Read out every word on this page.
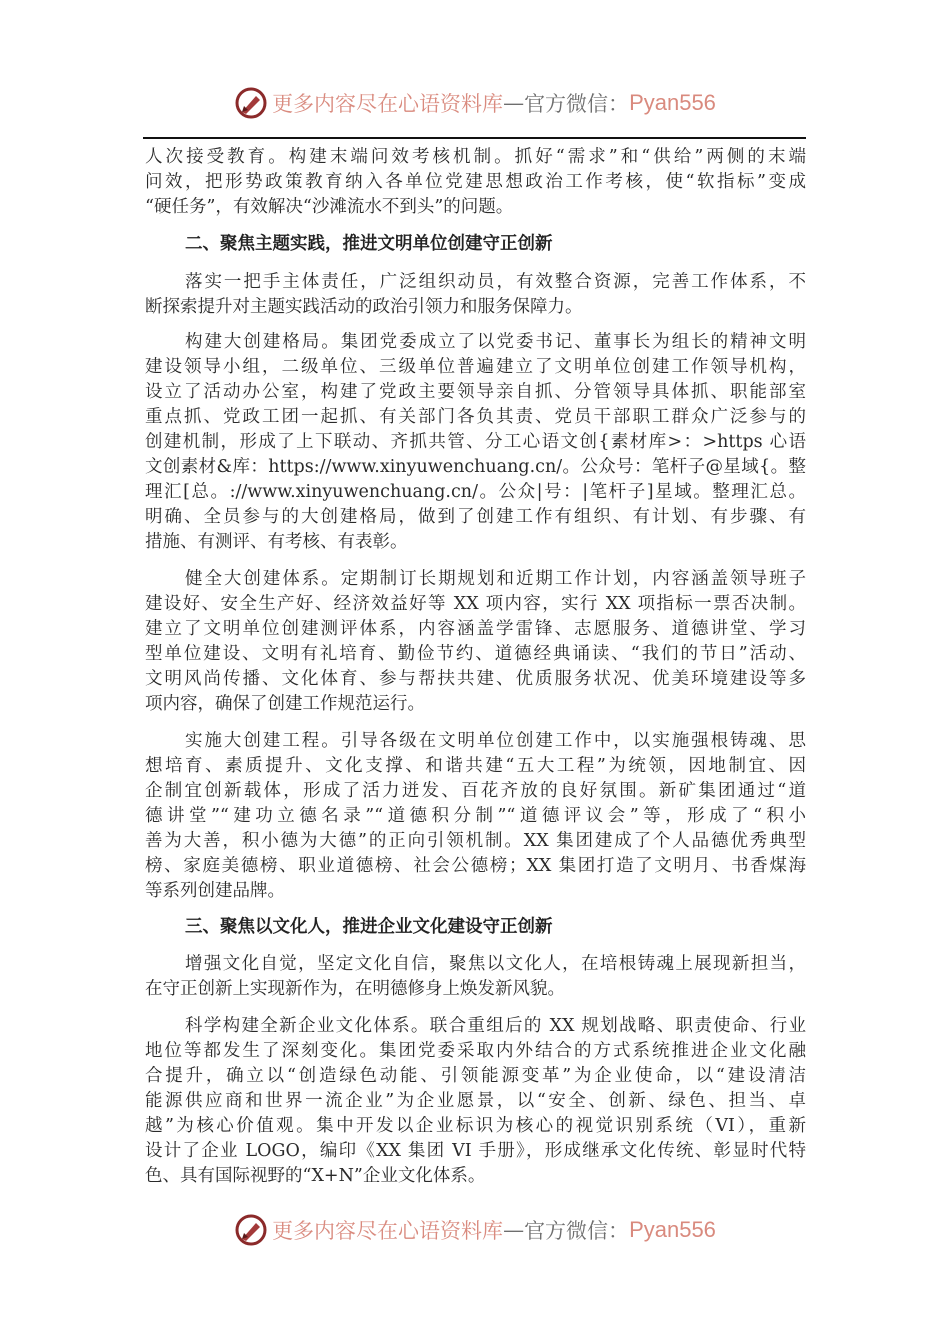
更多内容尽在心语资料库 — 官方微信： Pyan556
人次接受教育。构建末端问效考核机制。抓好“需求”和“供给”两侧的末端
问效，把形势政策教育纳入各单位党建思想政治工作考核，使“软指标”变成
“硬任务”，有效解决“沙滩流水不到头”的问题。
二、聚焦主题实践，推进文明单位创建守正创新
落实一把手主体责任，广泛组织动员，有效整合资源，完善工作体系，不
断探索提升对主题实践活动的政治引领力和服务保障力。
构建大创建格局。集团党委成立了以党委书记、董事长为组长的精神文明
建设领导小组，二级单位、三级单位普遍建立了文明单位创建工作领导机构，
设立了活动办公室，构建了党政主要领导亲自抓、分管领导具体抓、职能部室
重点抓、党政工团一起抓、有关部门各负其责、党员干部职工群众广泛参与的
创建机制，形成了上下联动、齐抓共管、分工心语文创{素材库>：>https 心语
文创素材&库：https://www.xinyuwenchuang.cn/。公众号：笔杆子@星域{。整
理汇[总。://www.xinyuwenchuang.cn/。公众|号：|笔杆子]星域。整理汇总。
明确、全员参与的大创建格局，做到了创建工作有组织、有计划、有步骤、有
措施、有测评、有考核、有表彰。
健全大创建体系。定期制订长期规划和近期工作计划，内容涵盖领导班子
建设好、安全生产好、经济效益好等 XX 项内容，实行 XX 项指标一票否决制。
建立了文明单位创建测评体系，内容涵盖学雷锋、志愿服务、道德讲堂、学习
型单位建设、文明有礼培育、勤俭节约、道德经典诵读、“我们的节日”活动、
文明风尚传播、文化体育、参与帮扶共建、优质服务状况、优美环境建设等多
项内容，确保了创建工作规范运行。
实施大创建工程。引导各级在文明单位创建工作中，以实施强根铸魂、思
想培育、素质提升、文化支撑、和谐共建“五大工程”为统领，因地制宜、因
企制宜创新载体，形成了活力迸发、百花齐放的良好氛围。新矿集团通过“道
德讲堂”“建功立德名录”“道德积分制”“道德评议会”等，形成了“积小
善为大善，积小德为大德”的正向引领机制。XX 集团建成了个人品德优秀典型
榜、家庭美德榜、职业道德榜、社会公德榜；XX 集团打造了文明月、书香煤海
等系列创建品牌。
三、聚焦以文化人，推进企业文化建设守正创新
增强文化自觉，坚定文化自信，聚焦以文化人，在培根铸魂上展现新担当，
在守正创新上实现新作为，在明德修身上焕发新风貌。
科学构建全新企业文化体系。联合重组后的 XX 规划战略、职责使命、行业
地位等都发生了深刻变化。集团党委采取内外结合的方式系统推进企业文化融
合提升，确立以“创造绿色动能、引领能源变革”为企业使命，以“建设清洁
能源供应商和世界一流企业”为企业愿景，以“安全、创新、绿色、担当、卓
越”为核心价值观。集中开发以企业标识为核心的视觉识别系统（VI），重新
设计了企业 LOGO，编印《XX 集团 VI 手册》，形成继承文化传统、彰显时代特
色、具有国际视野的“X+N”企业文化体系。
更多内容尽在心语资料库 — 官方微信： Pyan556
